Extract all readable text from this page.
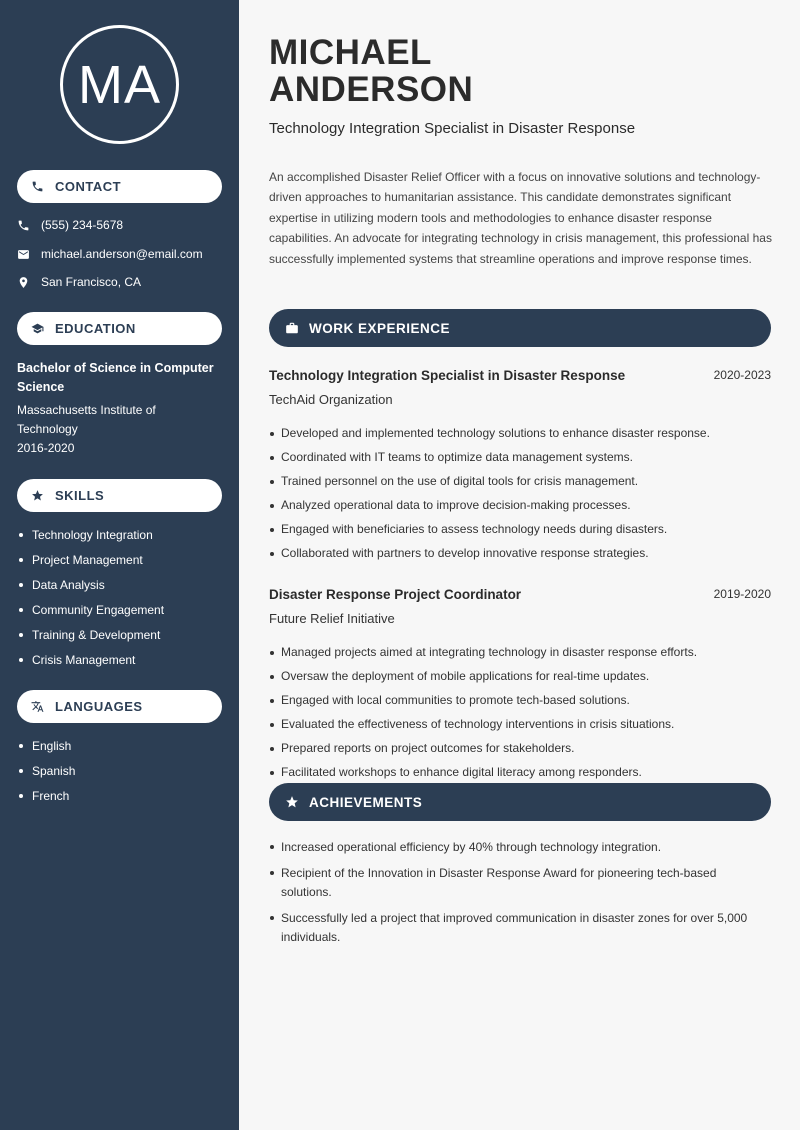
MA
CONTACT
(555) 234-5678
michael.anderson@email.com
San Francisco, CA
EDUCATION
Bachelor of Science in Computer Science
Massachusetts Institute of Technology
2016-2020
SKILLS
Technology Integration
Project Management
Data Analysis
Community Engagement
Training & Development
Crisis Management
LANGUAGES
English
Spanish
French
MICHAEL
ANDERSON
Technology Integration Specialist in Disaster Response

An accomplished Disaster Relief Officer with a focus on innovative solutions and technology-driven approaches to humanitarian assistance. This candidate demonstrates significant expertise in utilizing modern tools and methodologies to enhance disaster response capabilities. An advocate for integrating technology in crisis management, this professional has successfully implemented systems that streamline operations and improve response times.

WORK EXPERIENCE
Technology Integration Specialist in Disaster Response	2020-2023
TechAid Organization
Developed and implemented technology solutions to enhance disaster response.
Coordinated with IT teams to optimize data management systems.
Trained personnel on the use of digital tools for crisis management.
Analyzed operational data to improve decision-making processes.
Engaged with beneficiaries to assess technology needs during disasters.
Collaborated with partners to develop innovative response strategies.
Disaster Response Project Coordinator	2019-2020
Future Relief Initiative
Managed projects aimed at integrating technology in disaster response efforts.
Oversaw the deployment of mobile applications for real-time updates.
Engaged with local communities to promote tech-based solutions.
Evaluated the effectiveness of technology interventions in crisis situations.
Prepared reports on project outcomes for stakeholders.
Facilitated workshops to enhance digital literacy among responders.
ACHIEVEMENTS
Increased operational efficiency by 40% through technology integration.
Recipient of the Innovation in Disaster Response Award for pioneering tech-based solutions.
Successfully led a project that improved communication in disaster zones for over 5,000 individuals.
